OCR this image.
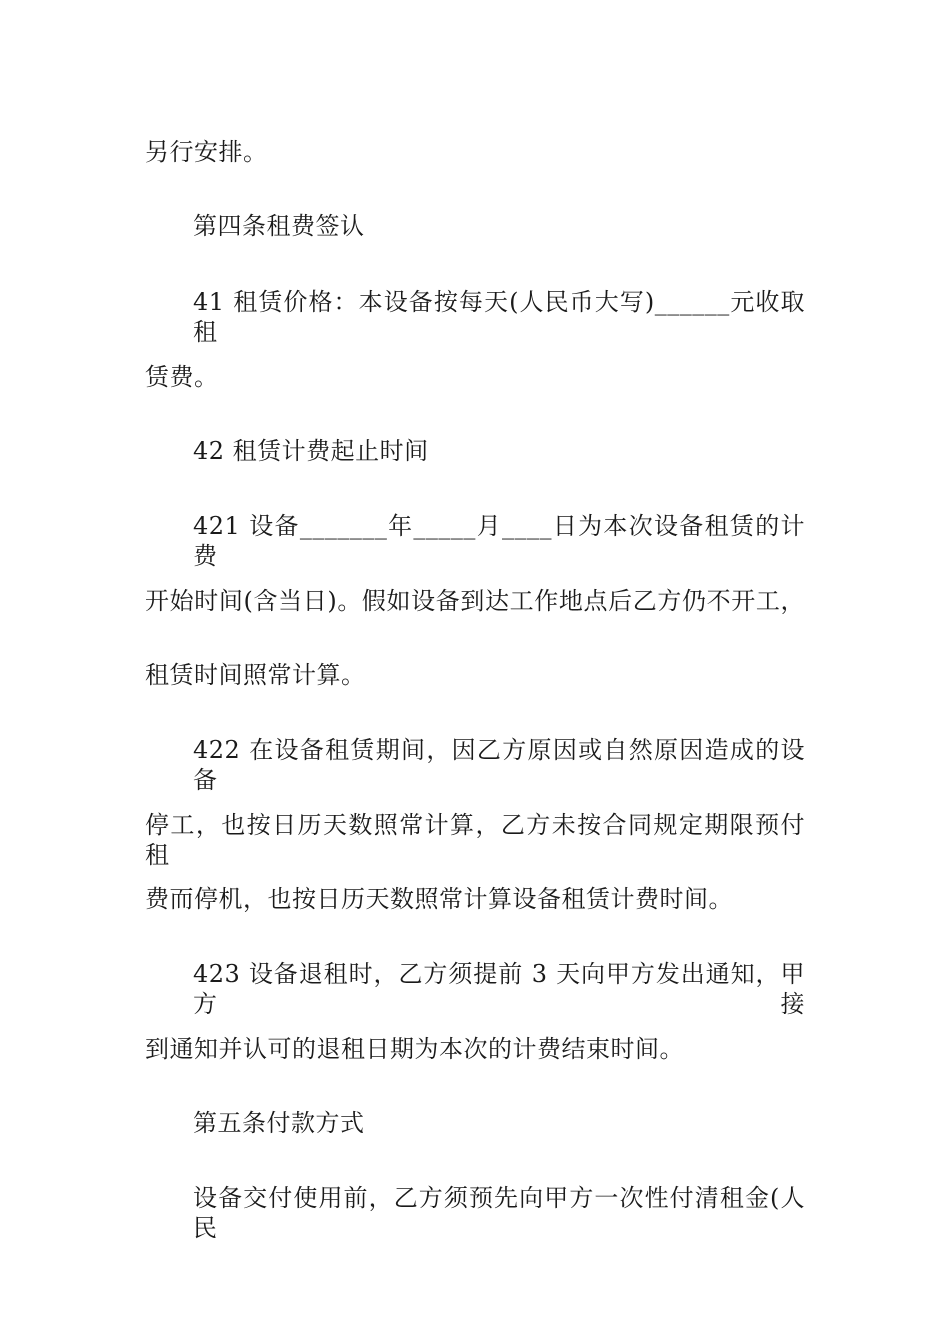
另行安排。
第四条租费签认
41 租赁价格：本设备按每天(人民币大写)______元收取租
赁费。
42 租赁计费起止时间
421 设备_______年_____月____日为本次设备租赁的计费
开始时间(含当日)。假如设备到达工作地点后乙方仍不开工，
租赁时间照常计算。
422 在设备租赁期间，因乙方原因或自然原因造成的设备
停工，也按日历天数照常计算，乙方未按合同规定期限预付租
费而停机，也按日历天数照常计算设备租赁计费时间。
423 设备退租时，乙方须提前 3 天向甲方发出通知，甲方接
到通知并认可的退租日期为本次的计费结束时间。
第五条付款方式
设备交付使用前，乙方须预先向甲方一次性付清租金(人民
